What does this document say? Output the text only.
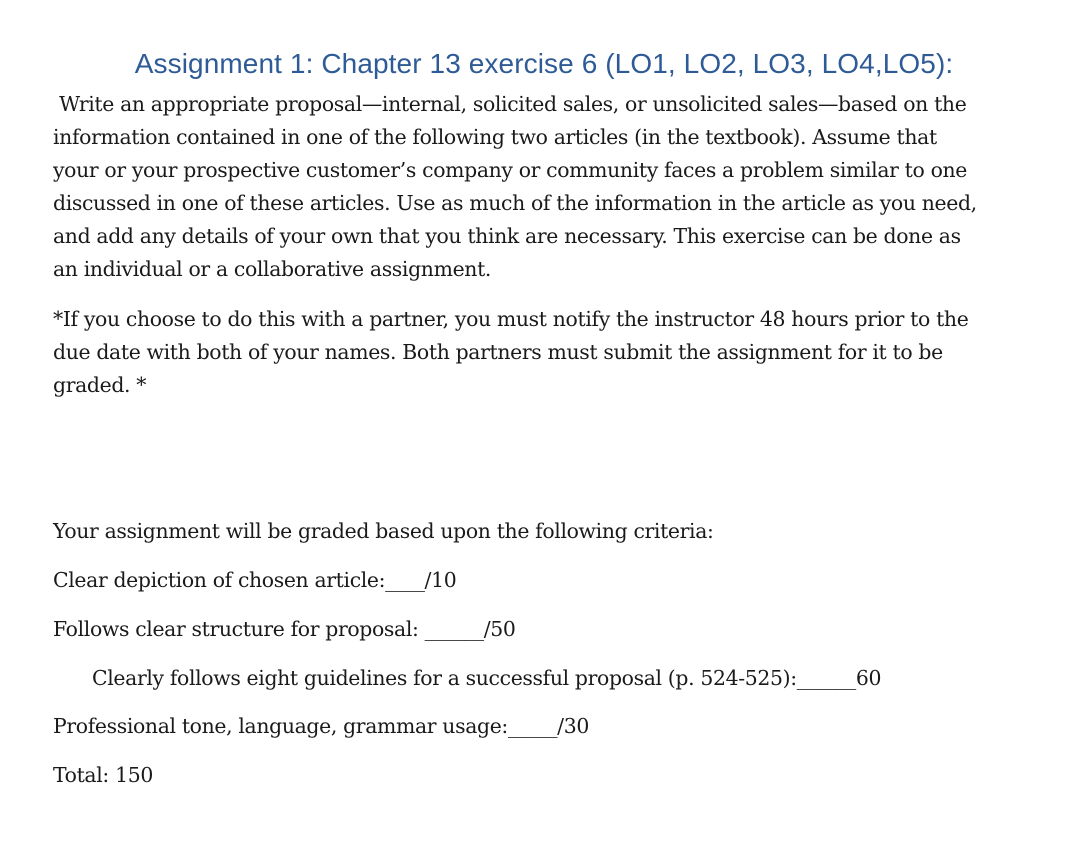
Assignment 1: Chapter 13 exercise 6 (LO1, LO2, LO3, LO4,LO5):
Write an appropriate proposal—internal, solicited sales, or unsolicited sales—based on the
information contained in one of the following two articles (in the textbook). Assume that
your or your prospective customer’s company or community faces a problem similar to one
discussed in one of these articles. Use as much of the information in the article as you need,
and add any details of your own that you think are necessary. This exercise can be done as
an individual or a collaborative assignment.
*If you choose to do this with a partner, you must notify the instructor 48 hours prior to the
due date with both of your names. Both partners must submit the assignment for it to be
graded. *
Your assignment will be graded based upon the following criteria:
Clear depiction of chosen article:____/10
Follows clear structure for proposal: ______/50
Clearly follows eight guidelines for a successful proposal (p. 524-525):______60
Professional tone, language, grammar usage:_____/30
Total: 150
